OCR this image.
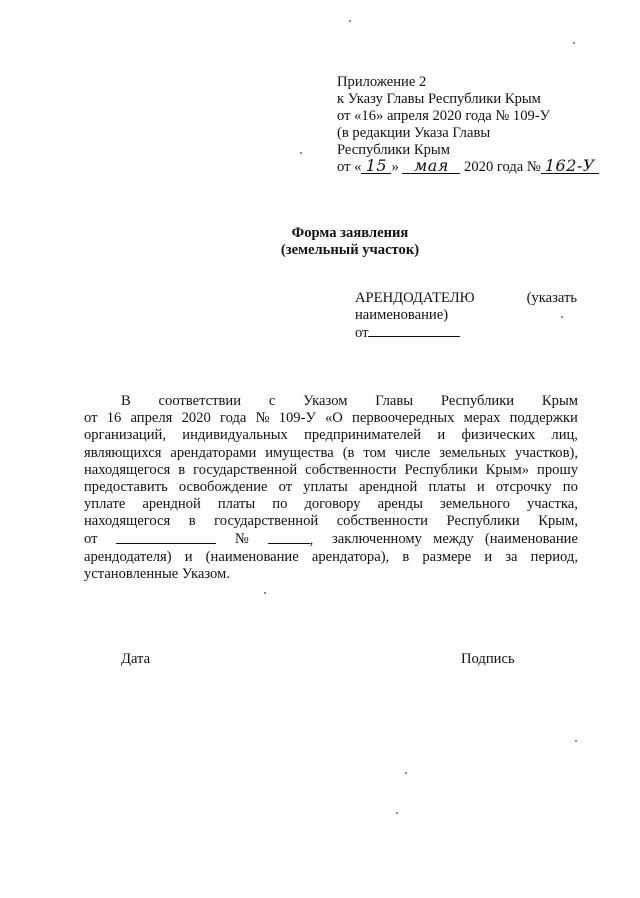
Приложение 2
к Указу Главы Республики Крым
от «16» апреля 2020 года № 109-У
(в редакции Указа Главы
Республики Крым
от « 15 » мая 2020 года № 162-У
Форма заявления
(земельный участок)
АРЕНДОДАТЕЛЮ	(указать
наименование)
от
В соответствии с Указом Главы Республики Крым
от 16 апреля 2020 года № 109-У «О первоочередных мерах поддержки
организаций, индивидуальных предпринимателей и физических лиц,
являющихся арендаторами имущества (в том числе земельных участков),
находящегося в государственной собственности Республики Крым» прошу
предоставить освобождение от уплаты арендной платы и отсрочку по
уплате арендной платы по договору аренды земельного участка,
находящегося в государственной собственности Республики Крым,
от	№	, заключенному между (наименование
арендодателя) и (наименование арендатора), в размере и за период,
установленные Указом.
Дата	Подпись
